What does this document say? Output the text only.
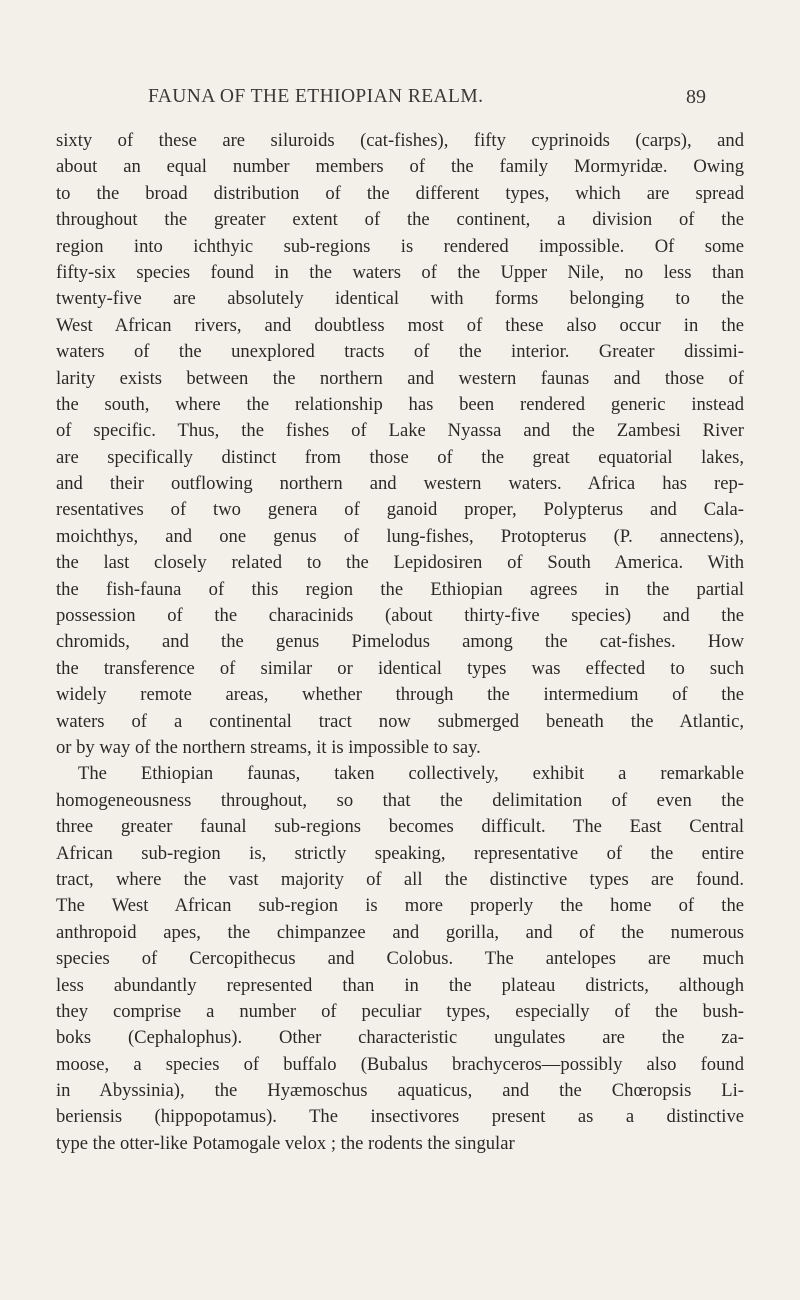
FAUNA OF THE ETHIOPIAN REALM.	89
sixty of these are siluroids (cat-fishes), fifty cyprinoids (carps), and
about an equal number members of the family Mormyridæ. Owing
to the broad distribution of the different types, which are spread
throughout the greater extent of the continent, a division of the
region into ichthyic sub-regions is rendered impossible. Of some
fifty-six species found in the waters of the Upper Nile, no less than
twenty-five are absolutely identical with forms belonging to the
West African rivers, and doubtless most of these also occur in the
waters of the unexplored tracts of the interior. Greater dissimi-
larity exists between the northern and western faunas and those of
the south, where the relationship has been rendered generic instead
of specific. Thus, the fishes of Lake Nyassa and the Zambesi River
are specifically distinct from those of the great equatorial lakes,
and their outflowing northern and western waters. Africa has rep-
resentatives of two genera of ganoid proper, Polypterus and Cala-
moichthys, and one genus of lung-fishes, Protopterus (P. annectens),
the last closely related to the Lepidosiren of South America. With
the fish-fauna of this region the Ethiopian agrees in the partial
possession of the characinids (about thirty-five species) and the
chromids, and the genus Pimelodus among the cat-fishes. How
the transference of similar or identical types was effected to such
widely remote areas, whether through the intermedium of the
waters of a continental tract now submerged beneath the Atlantic,
or by way of the northern streams, it is impossible to say.
The Ethiopian faunas, taken collectively, exhibit a remarkable
homogeneousness throughout, so that the delimitation of even the
three greater faunal sub-regions becomes difficult. The East Central
African sub-region is, strictly speaking, representative of the entire
tract, where the vast majority of all the distinctive types are found.
The West African sub-region is more properly the home of the
anthropoid apes, the chimpanzee and gorilla, and of the numerous
species of Cercopithecus and Colobus. The antelopes are much
less abundantly represented than in the plateau districts, although
they comprise a number of peculiar types, especially of the bush-
boks (Cephalophus). Other characteristic ungulates are the za-
moose, a species of buffalo (Bubalus brachyceros—possibly also found
in Abyssinia), the Hyæmoschus aquaticus, and the Chœropsis Li-
beriensis (hippopotamus). The insectivores present as a distinctive
type the otter-like Potamogale velox ; the rodents the singular
